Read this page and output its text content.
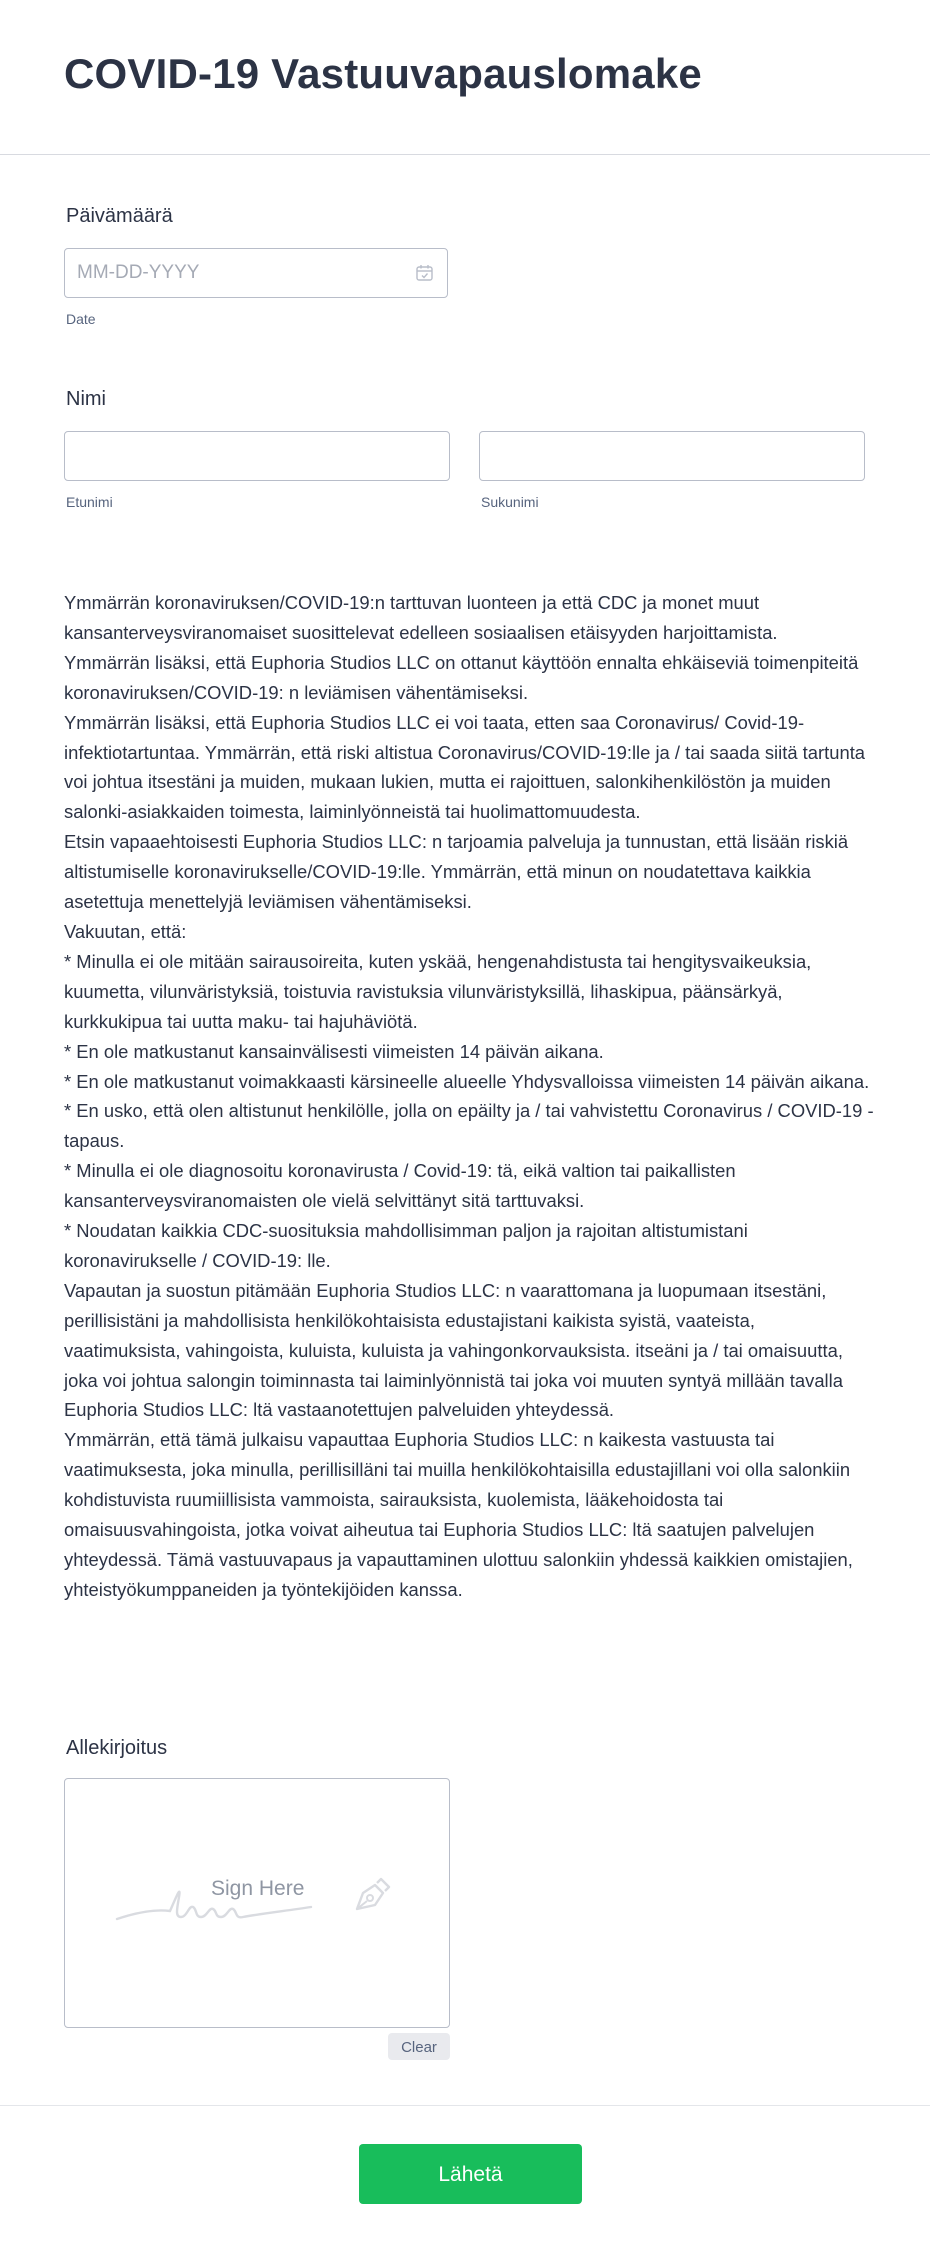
COVID-19 Vastuuvapauslomake
Päivämäärä
MM-DD-YYYY
Date
Nimi
Etunimi	Sukunimi

Ymmärrän koronaviruksen/COVID-19:n tarttuvan luonteen ja että CDC ja monet muut kansanterveysviranomaiset suosittelevat edelleen sosiaalisen etäisyyden harjoittamista.

Ymmärrän lisäksi, että Euphoria Studios LLC on ottanut käyttöön ennalta ehkäiseviä toimenpiteitä koronaviruksen/COVID-19: n leviämisen vähentämiseksi.

Ymmärrän lisäksi, että Euphoria Studios LLC ei voi taata, etten saa Coronavirus/ Covid-19-infektiotartuntaa. Ymmärrän, että riski altistua Coronavirus/COVID-19:lle ja / tai saada siitä tartunta voi johtua itsestäni ja muiden, mukaan lukien, mutta ei rajoittuen, salonkihenkilöstön ja muiden salonki-asiakkaiden toimesta, laiminlyönneistä tai huolimattomuudesta.

Etsin vapaaehtoisesti Euphoria Studios LLC: n tarjoamia palveluja ja tunnustan, että lisään riskiä altistumiselle koronavirukselle/COVID-19:lle. Ymmärrän, että minun on noudatettava kaikkia asetettuja menettelyjä leviämisen vähentämiseksi.

Vakuutan, että:

* Minulla ei ole mitään sairausoireita, kuten yskää, hengenahdistusta tai hengitysvaikeuksia, kuumetta, vilunväristyksiä, toistuvia ravistuksia vilunväristyksillä, lihaskipua, päänsärkyä, kurkkukipua tai uutta maku- tai hajuhäviötä.

* En ole matkustanut kansainvälisesti viimeisten 14 päivän aikana.

* En ole matkustanut voimakkaasti kärsineelle alueelle Yhdysvalloissa viimeisten 14 päivän aikana.

* En usko, että olen altistunut henkilölle, jolla on epäilty ja / tai vahvistettu Coronavirus / COVID-19 -tapaus.

* Minulla ei ole diagnosoitu koronavirusta / Covid-19: tä, eikä valtion tai paikallisten kansanterveysviranomaisten ole vielä selvittänyt sitä tarttuvaksi.

* Noudatan kaikkia CDC-suosituksia mahdollisimman paljon ja rajoitan altistumistani koronavirukselle / COVID-19: lle.

Vapautan ja suostun pitämään Euphoria Studios LLC: n vaarattomana ja luopumaan itsestäni, perillisistäni ja mahdollisista henkilökohtaisista edustajistani kaikista syistä, vaateista, vaatimuksista, vahingoista, kuluista, kuluista ja vahingonkorvauksista. itseäni ja / tai omaisuutta, joka voi johtua salongin toiminnasta tai laiminlyönnistä tai joka voi muuten syntyä millään tavalla Euphoria Studios LLC: ltä vastaanotettujen palveluiden yhteydessä.

Ymmärrän, että tämä julkaisu vapauttaa Euphoria Studios LLC: n kaikesta vastuusta tai vaatimuksesta, joka minulla, perillisilläni tai muilla henkilökohtaisilla edustajillani voi olla salonkiin kohdistuvista ruumiillisista vammoista, sairauksista, kuolemista, lääkehoidosta tai omaisuusvahingoista, jotka voivat aiheutua tai Euphoria Studios LLC: ltä saatujen palvelujen yhteydessä. Tämä vastuuvapaus ja vapauttaminen ulottuu salonkiin yhdessä kaikkien omistajien, yhteistyökumppaneiden ja työntekijöiden kanssa.

Allekirjoitus
Sign Here
Clear
Lähetä
